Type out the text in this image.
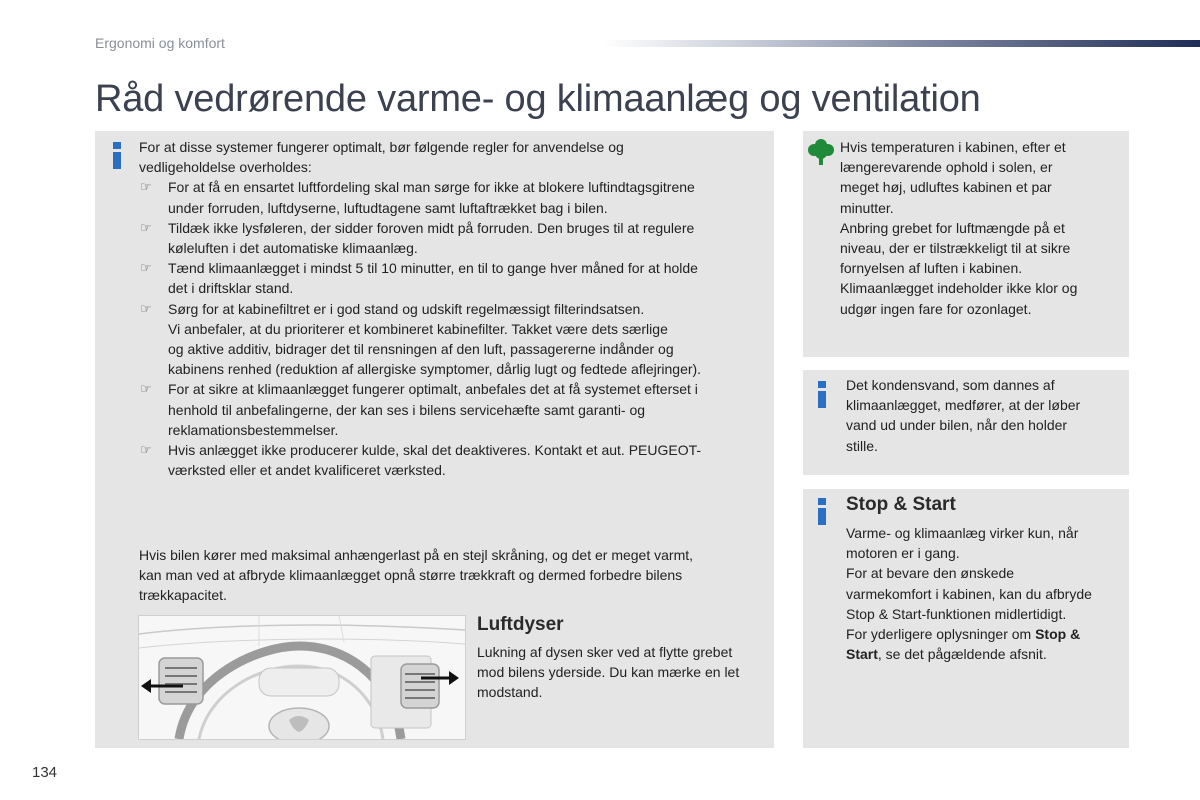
Ergonomi og komfort
Råd vedrørende varme- og klimaanlæg og ventilation
For at disse systemer fungerer optimalt, bør følgende regler for anvendelse og
vedligeholdelse overholdes:
☞ For at få en ensartet luftfordeling skal man sørge for ikke at blokere luftindtagsgitrene
under forruden, luftdyserne, luftudtagene samt luftaftrækket bag i bilen.
☞ Tildæk ikke lysføleren, der sidder foroven midt på forruden. Den bruges til at regulere
køleluften i det automatiske klimaanlæg.
☞ Tænd klimaanlægget i mindst 5 til 10 minutter, en til to gange hver måned for at holde
det i driftsklar stand.
☞ Sørg for at kabinefiltret er i god stand og udskift regelmæssigt filterindsatsen.
Vi anbefaler, at du prioriterer et kombineret kabinefilter. Takket være dets særlige
og aktive additiv, bidrager det til rensningen af den luft, passagererne indånder og
kabinens renhed (reduktion af allergiske symptomer, dårlig lugt og fedtede aflejringer).
☞ For at sikre at klimaanlægget fungerer optimalt, anbefales det at få systemet efterset i
henhold til anbefalingerne, der kan ses i bilens servicehæfte samt garanti- og
reklamationsbestemmelser.
☞ Hvis anlægget ikke producerer kulde, skal det deaktiveres. Kontakt et aut. PEUGEOT-
værksted eller et andet kvalificeret værksted.
Hvis bilen kører med maksimal anhængerlast på en stejl skråning, og det er meget varmt,
kan man ved at afbryde klimaanlægget opnå større trækkraft og dermed forbedre bilens
trækkapacitet.
Luftdyser
Lukning af dysen sker ved at flytte grebet
mod bilens yderside. Du kan mærke en let
modstand.
Hvis temperaturen i kabinen, efter et
længerevarende ophold i solen, er
meget høj, udluftes kabinen et par
minutter.
Anbring grebet for luftmængde på et
niveau, der er tilstrækkeligt til at sikre
fornyelsen af luften i kabinen.
Klimaanlægget indeholder ikke klor og
udgør ingen fare for ozonlaget.
Det kondensvand, som dannes af
klimaanlægget, medfører, at der løber
vand ud under bilen, når den holder
stille.
Stop & Start
Varme- og klimaanlæg virker kun, når
motoren er i gang.
For at bevare den ønskede
varmekomfort i kabinen, kan du afbryde
Stop & Start-funktionen midlertidigt.
For yderligere oplysninger om Stop &
Start, se det pågældende afsnit.
134
